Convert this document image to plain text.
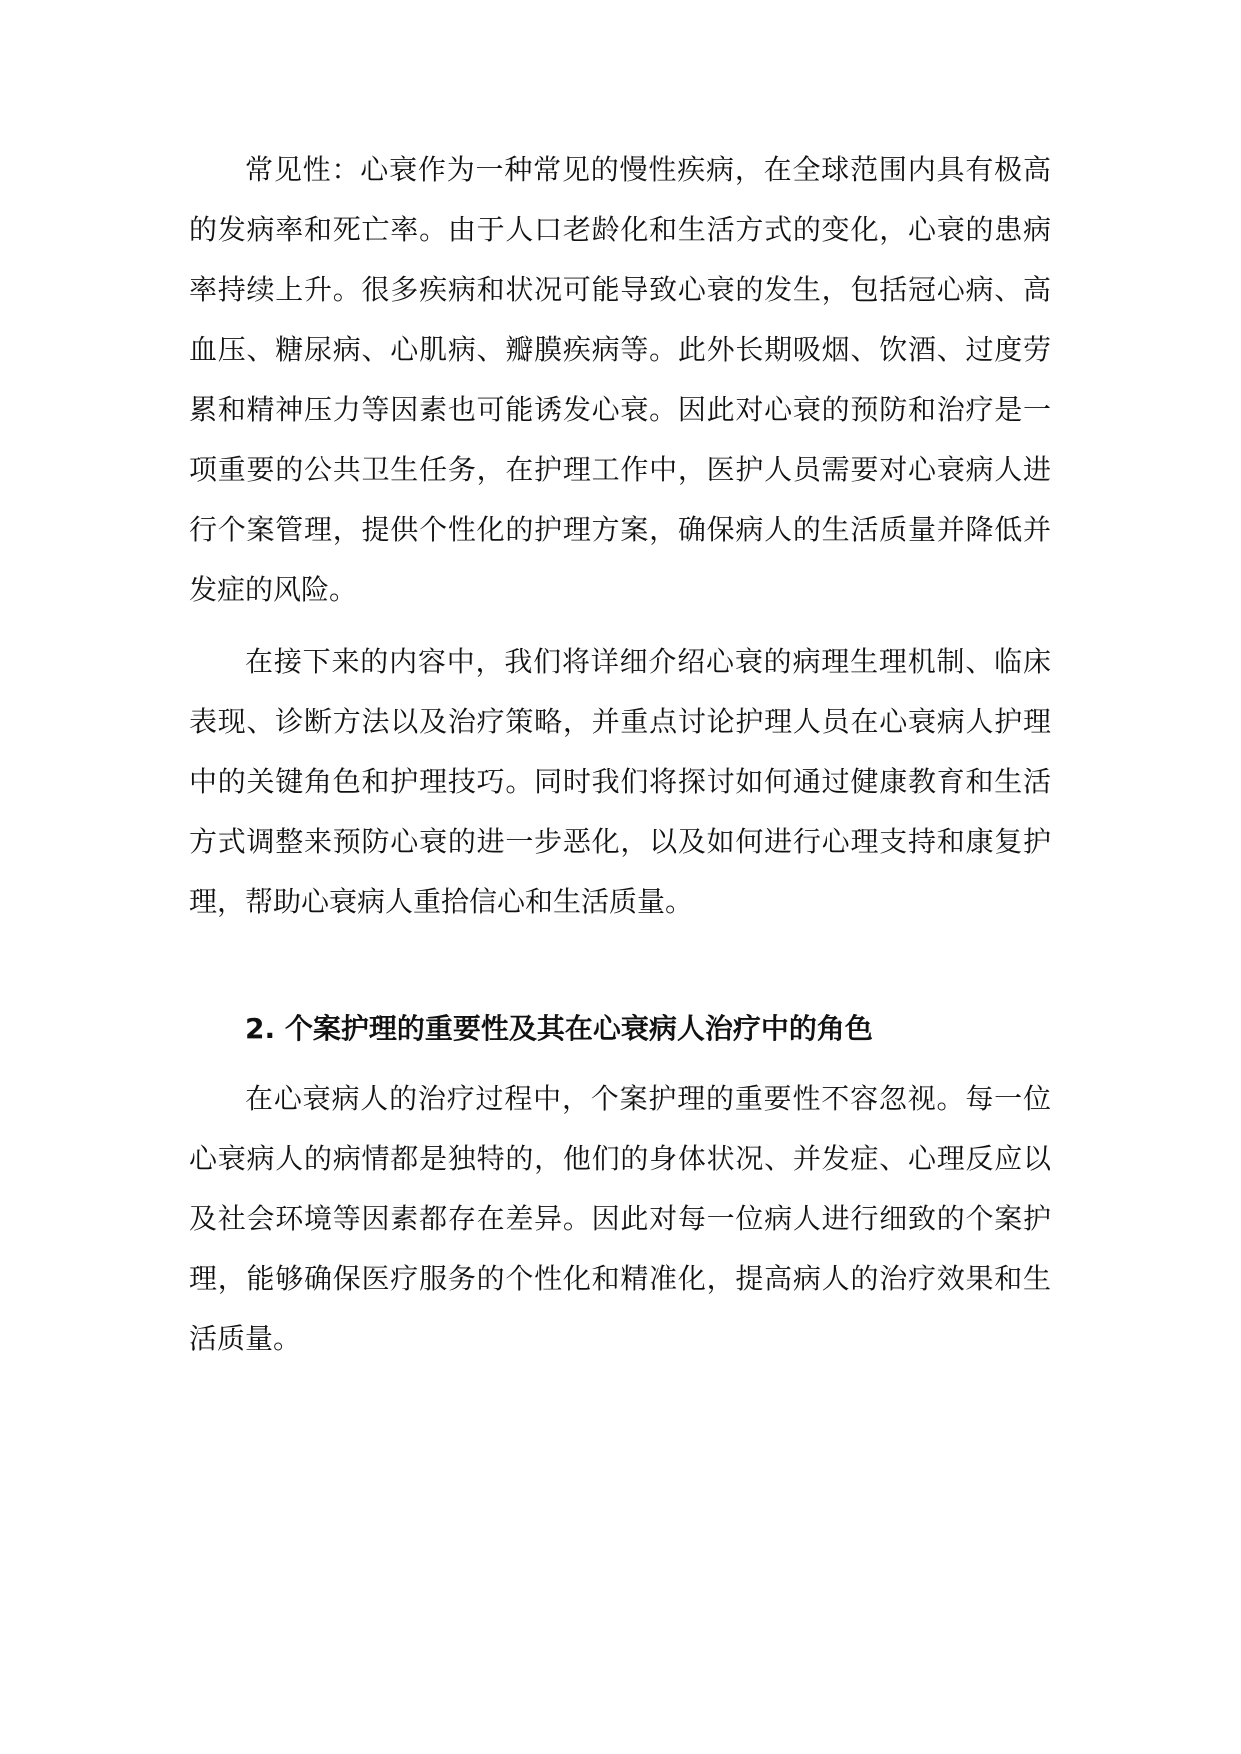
常见性：心衰作为一种常见的慢性疾病，在全球范围内具有极高的发病率和死亡率。由于人口老龄化和生活方式的变化，心衰的患病率持续上升。很多疾病和状况可能导致心衰的发生，包括冠心病、高血压、糖尿病、心肌病、瓣膜疾病等。此外长期吸烟、饮酒、过度劳累和精神压力等因素也可能诱发心衰。因此对心衰的预防和治疗是一项重要的公共卫生任务，在护理工作中，医护人员需要对心衰病人进行个案管理，提供个性化的护理方案，确保病人的生活质量并降低并发症的风险。

在接下来的内容中，我们将详细介绍心衰的病理生理机制、临床表现、诊断方法以及治疗策略，并重点讨论护理人员在心衰病人护理中的关键角色和护理技巧。同时我们将探讨如何通过健康教育和生活方式调整来预防心衰的进一步恶化，以及如何进行心理支持和康复护理，帮助心衰病人重拾信心和生活质量。

2. 个案护理的重要性及其在心衰病人治疗中的角色

在心衰病人的治疗过程中，个案护理的重要性不容忽视。每一位心衰病人的病情都是独特的，他们的身体状况、并发症、心理反应以及社会环境等因素都存在差异。因此对每一位病人进行细致的个案护理，能够确保医疗服务的个性化和精准化，提高病人的治疗效果和生活质量。
